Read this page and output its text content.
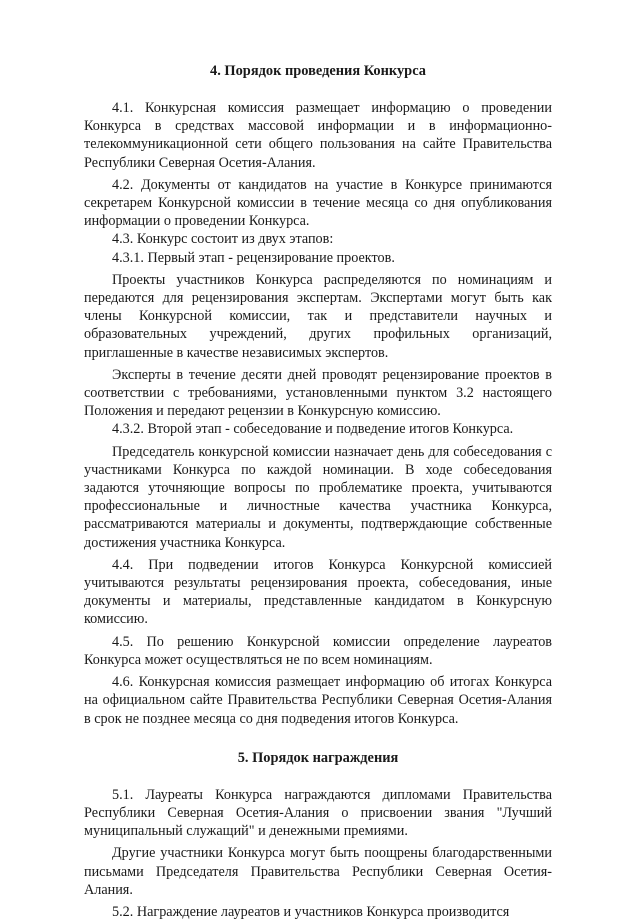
4. Порядок проведения Конкурса

4.1. Конкурсная комиссия размещает информацию о проведении Конкурса в средствах массовой информации и в информационно-телекоммуникационной сети общего пользования на сайте Правительства Республики Северная Осетия-Алания.

4.2. Документы от кандидатов на участие в Конкурсе принимаются секретарем Конкурсной комиссии в течение месяца со дня опубликования информации о проведении Конкурса.

4.3. Конкурс состоит из двух этапов:

4.3.1. Первый этап - рецензирование проектов.

Проекты участников Конкурса распределяются по номинациям и передаются для рецензирования экспертам. Экспертами могут быть как члены Конкурсной комиссии, так и представители научных и образовательных учреждений, других профильных организаций, приглашенные в качестве независимых экспертов.

Эксперты в течение десяти дней проводят рецензирование проектов в соответствии с требованиями, установленными пунктом 3.2 настоящего Положения и передают рецензии в Конкурсную комиссию.

4.3.2. Второй этап - собеседование и подведение итогов Конкурса.

Председатель конкурсной комиссии назначает день для собеседования с участниками Конкурса по каждой номинации. В ходе собеседования задаются уточняющие вопросы по проблематике проекта, учитываются профессиональные и личностные качества участника Конкурса, рассматриваются материалы и документы, подтверждающие собственные достижения участника Конкурса.

4.4. При подведении итогов Конкурса Конкурсной комиссией учитываются результаты рецензирования проекта, собеседования, иные документы и материалы, представленные кандидатом в Конкурсную комиссию.

4.5. По решению Конкурсной комиссии определение лауреатов Конкурса может осуществляться не по всем номинациям.

4.6. Конкурсная комиссия размещает информацию об итогах Конкурса на официальном сайте Правительства Республики Северная Осетия-Алания в срок не позднее месяца со дня подведения итогов Конкурса.

5. Порядок награждения

5.1. Лауреаты Конкурса награждаются дипломами Правительства Республики Северная Осетия-Алания о присвоении звания "Лучший муниципальный служащий" и денежными премиями.

Другие участники Конкурса могут быть поощрены благодарственными письмами Председателя Правительства Республики Северная Осетия-Алания.

5.2. Награждение лауреатов и участников Конкурса производится
